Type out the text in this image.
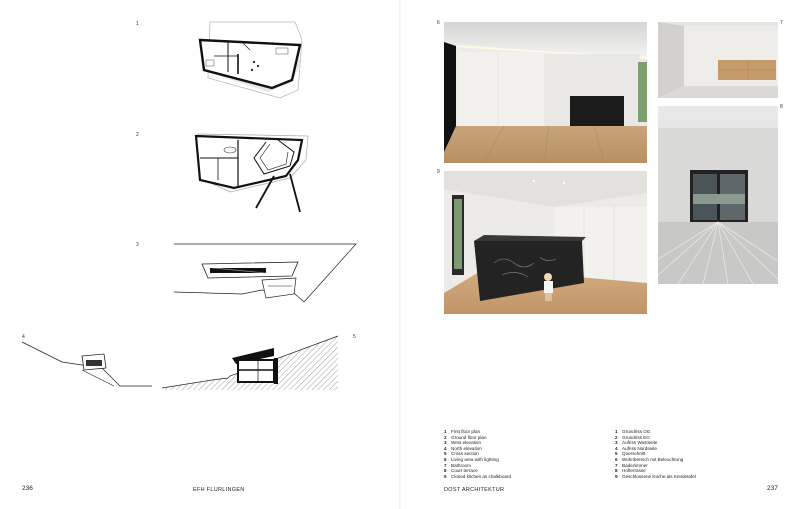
1
2
3
4	5
236	EFH FLURLINGEN
6	7
8
9
1 First floor plan
2 Ground floor plan
3 West elevation
4 North elevation
5 Cross section
6 Living area with lighting
7 Bathroom
8 Court terrace
9 Closed kitchen as chalkboard
1 Grundriss OG
2 Grundriss EG
3 Aufriss Westseite
4 Aufriss Nordseite
5 Querschnitt
6 Wohnbereich mit Beleuchtung
7 Badezimmer
8 Hofterrasse
9 Geschlossene Küche als Kreidetafel
DOST ARCHITEKTUR	237
